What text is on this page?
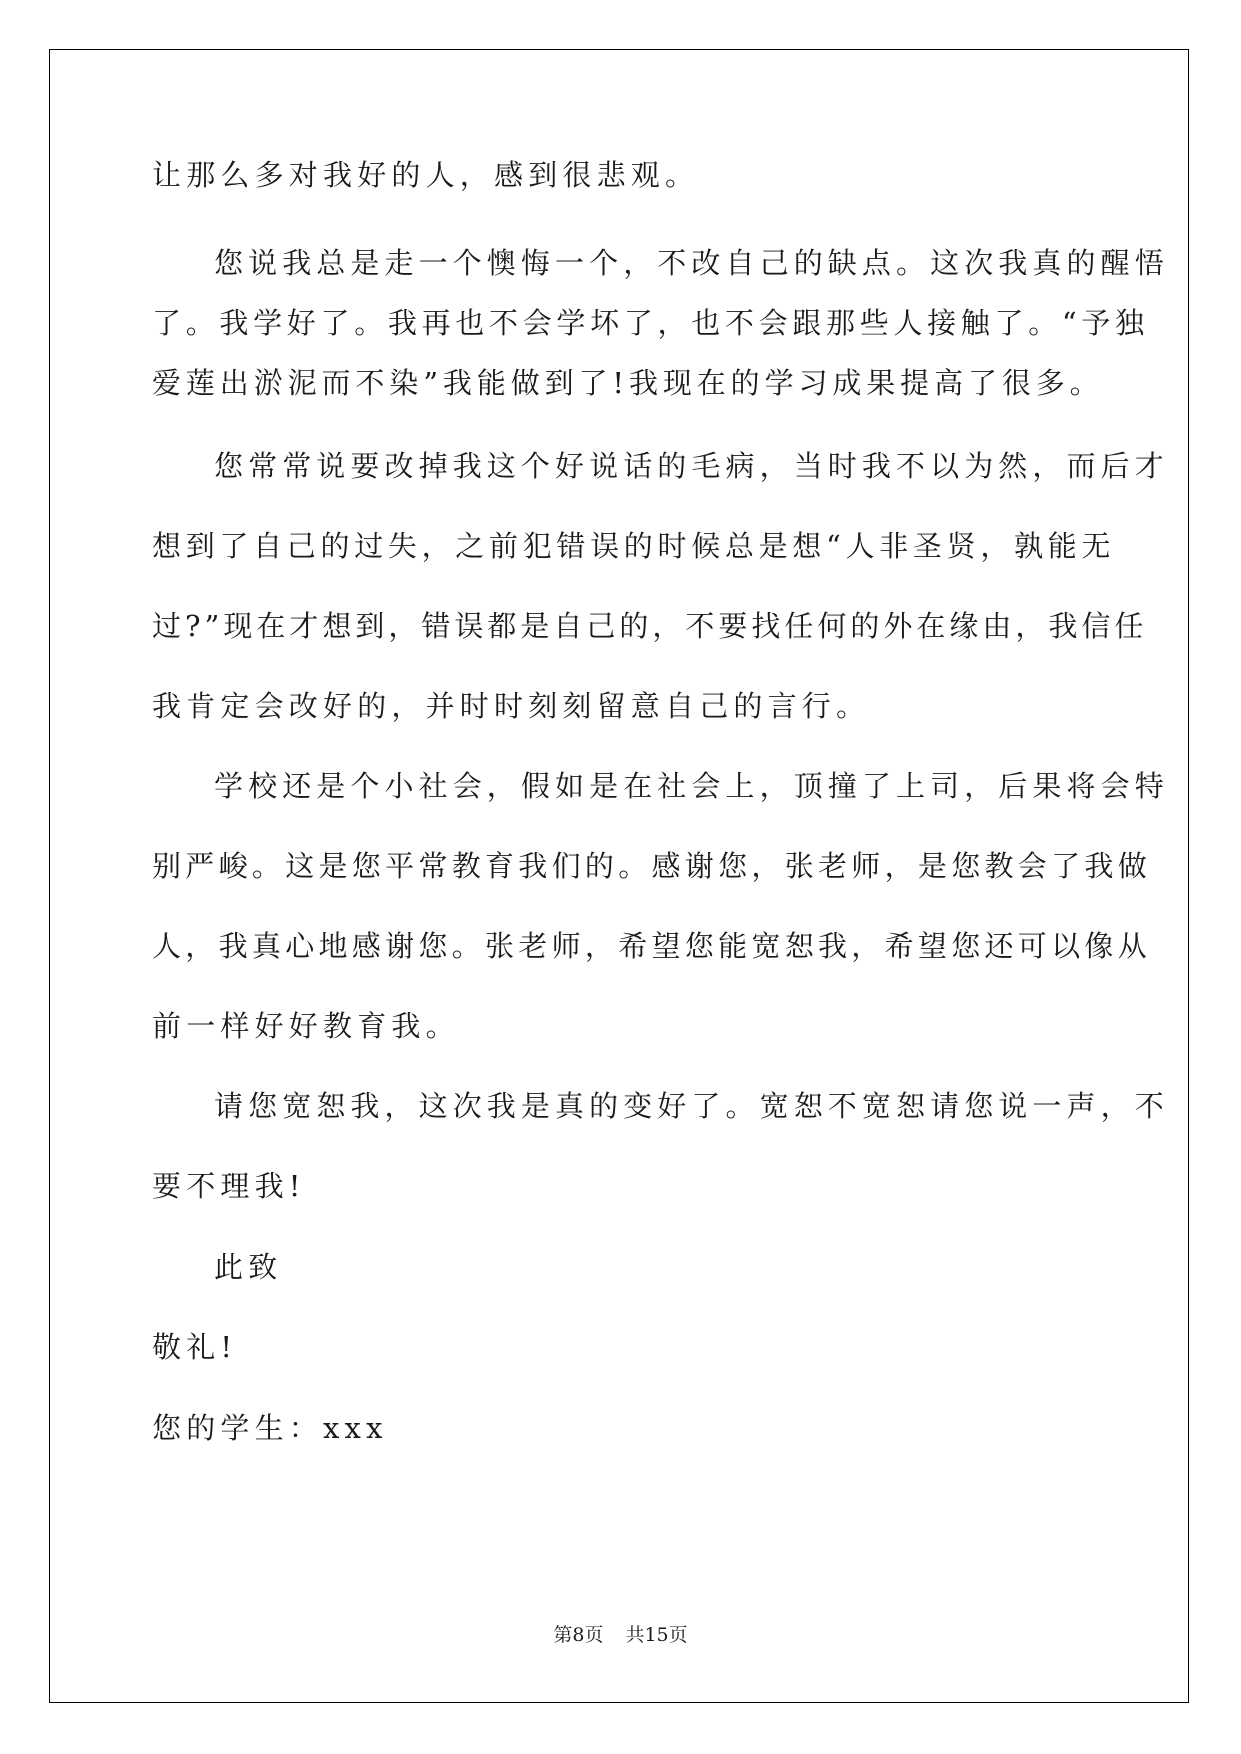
让那么多对我好的人，感到很悲观。
您说我总是走一个懊悔一个，不改自己的缺点。这次我真的醒悟
了。我学好了。我再也不会学坏了，也不会跟那些人接触了。“予独
爱莲出淤泥而不染”我能做到了!我现在的学习成果提高了很多。
您常常说要改掉我这个好说话的毛病，当时我不以为然，而后才
想到了自己的过失，之前犯错误的时候总是想“人非圣贤，孰能无
过?”现在才想到，错误都是自己的，不要找任何的外在缘由，我信任
我肯定会改好的，并时时刻刻留意自己的言行。
学校还是个小社会，假如是在社会上，顶撞了上司，后果将会特
别严峻。这是您平常教育我们的。感谢您，张老师，是您教会了我做
人，我真心地感谢您。张老师，希望您能宽恕我，希望您还可以像从
前一样好好教育我。
请您宽恕我，这次我是真的变好了。宽恕不宽恕请您说一声，不
要不理我!
此致
敬礼!
您的学生：xxx
第8页 共15页
